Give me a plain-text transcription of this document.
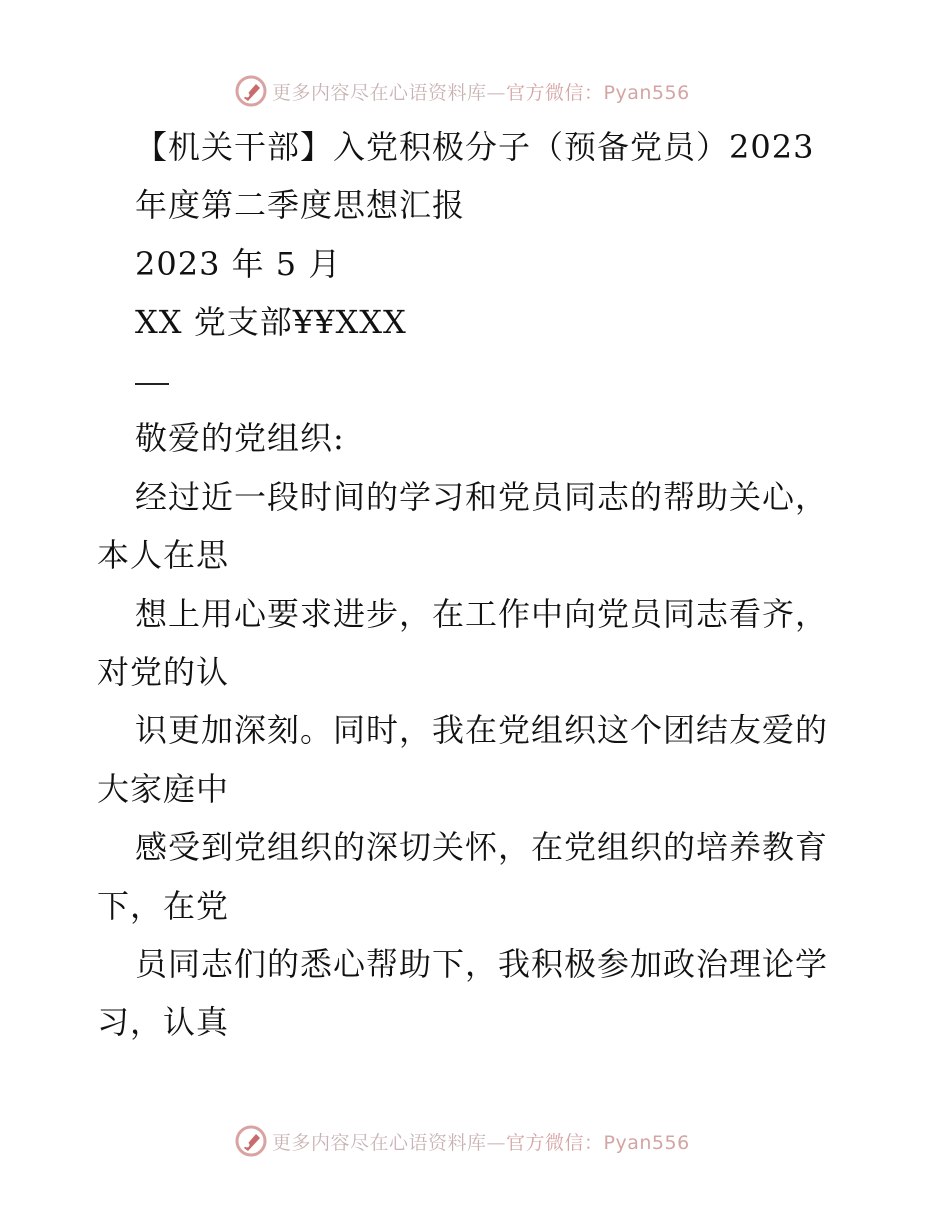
更多内容尽在心语资料库—官方微信：Pyan556
【机关干部】入党积极分子（预备党员）2023
年度第二季度思想汇报
2023 年 5 月
XX 党支部¥¥XXX
敬爱的党组织:
经过近一段时间的学习和党员同志的帮助关心，
本人在思
想上用心要求进步，在工作中向党员同志看齐，
对党的认
识更加深刻。同时，我在党组织这个团结友爱的
大家庭中
感受到党组织的深切关怀，在党组织的培养教育
下，在党
员同志们的悉心帮助下，我积极参加政治理论学
习，认真
更多内容尽在心语资料库—官方微信：Pyan556
